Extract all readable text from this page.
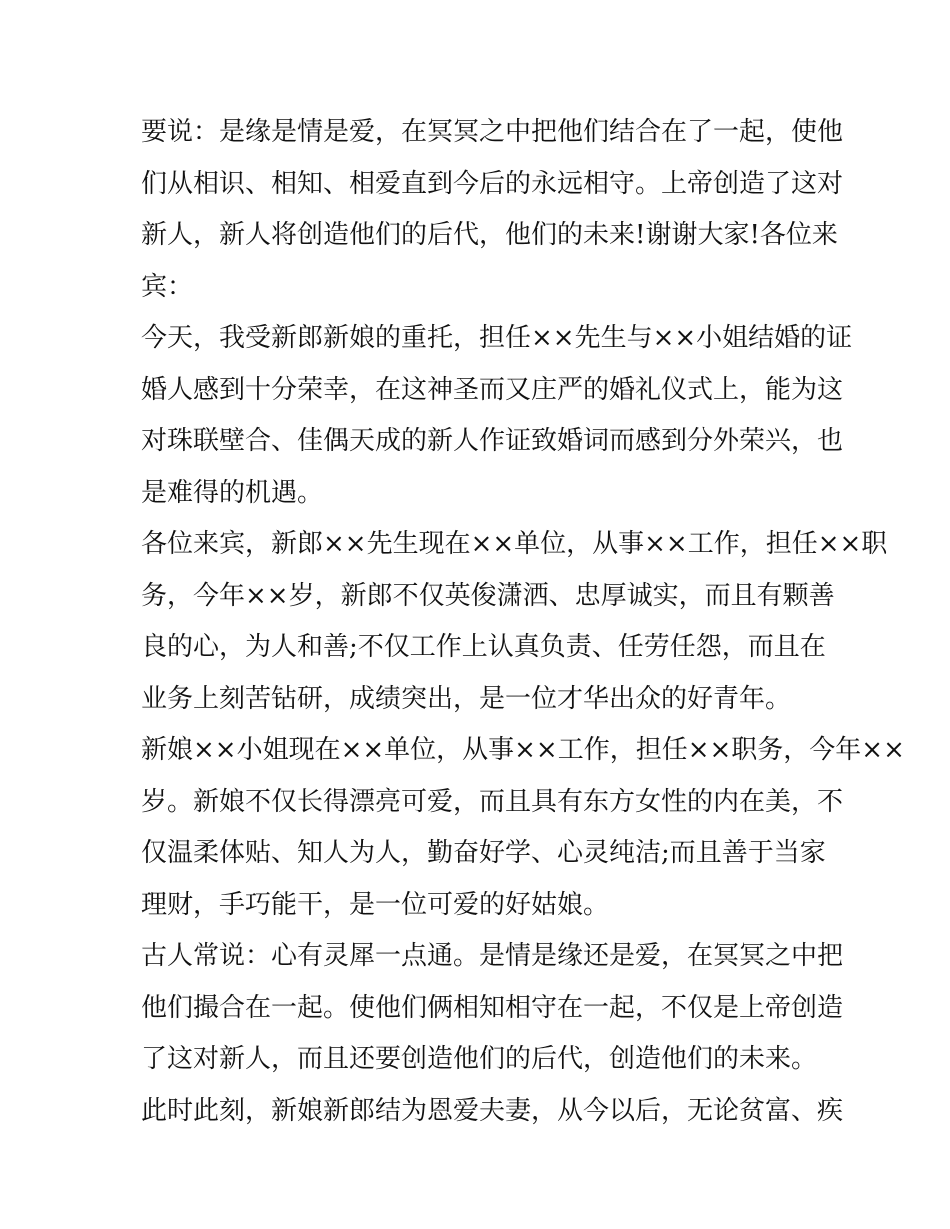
要说：是缘是情是爱，在冥冥之中把他们结合在了一起，使他
们从相识、相知、相爱直到今后的永远相守。上帝创造了这对
新人，新人将创造他们的后代，他们的未来!谢谢大家!各位来
宾：
今天，我受新郎新娘的重托，担任××先生与××小姐结婚的证
婚人感到十分荣幸，在这神圣而又庄严的婚礼仪式上，能为这
对珠联壁合、佳偶天成的新人作证致婚词而感到分外荣兴，也
是难得的机遇。
各位来宾，新郎××先生现在××单位，从事××工作，担任××职
务，今年××岁，新郎不仅英俊潇洒、忠厚诚实，而且有颗善
良的心，为人和善;不仅工作上认真负责、任劳任怨，而且在
业务上刻苦钻研，成绩突出，是一位才华出众的好青年。
新娘××小姐现在××单位，从事××工作，担任××职务，今年××
岁。新娘不仅长得漂亮可爱，而且具有东方女性的内在美，不
仅温柔体贴、知人为人，勤奋好学、心灵纯洁;而且善于当家
理财，手巧能干，是一位可爱的好姑娘。
古人常说：心有灵犀一点通。是情是缘还是爱，在冥冥之中把
他们撮合在一起。使他们俩相知相守在一起，不仅是上帝创造
了这对新人，而且还要创造他们的后代，创造他们的未来。
此时此刻，新娘新郎结为恩爱夫妻，从今以后，无论贫富、疾
